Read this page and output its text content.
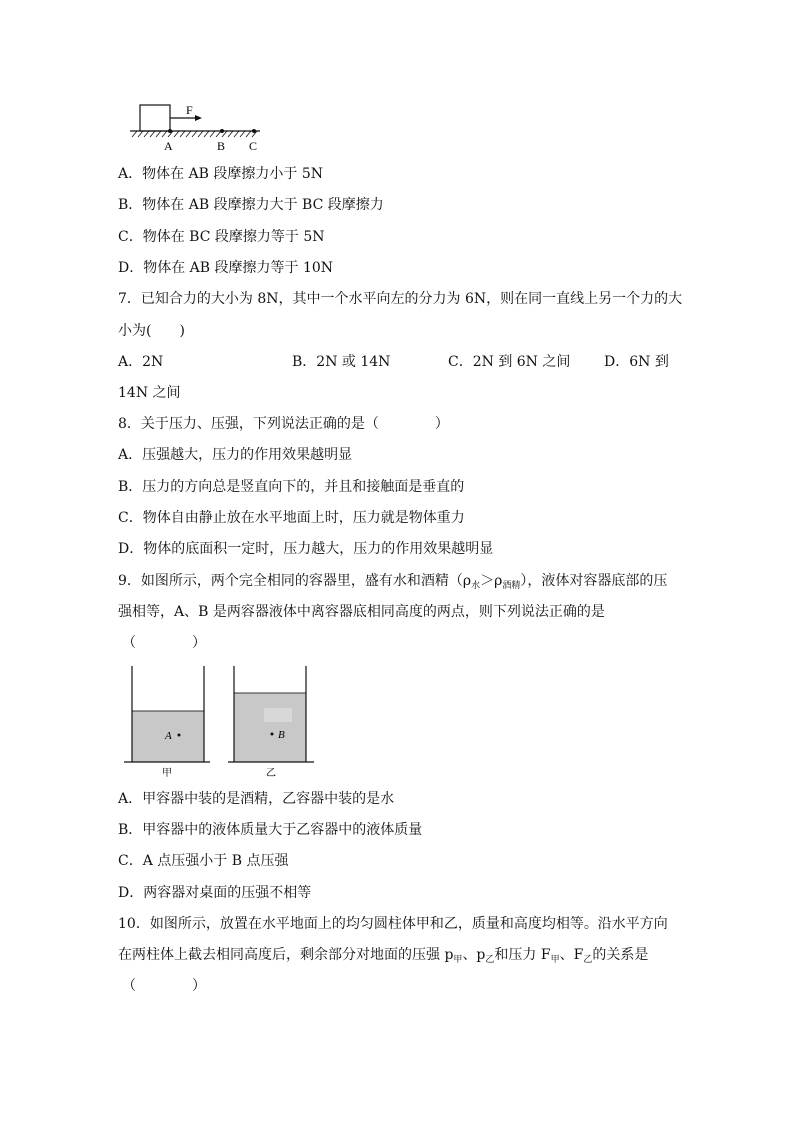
F
A	B C
A．物体在 AB 段摩擦力小于 5N
B．物体在 AB 段摩擦力大于 BC 段摩擦力
C．物体在 BC 段摩擦力等于 5N
D．物体在 AB 段摩擦力等于 10N
7．已知合力的大小为 8N，其中一个水平向左的分力为 6N，则在同一直线上另一个力的大
小为(　　)
A．2N	B．2N 或 14N	C．2N 到 6N 之间 D．6N 到
14N 之间
8．关于压力、压强，下列说法正确的是（　　　　）
A．压强越大，压力的作用效果越明显
B．压力的方向总是竖直向下的，并且和接触面是垂直的
C．物体自由静止放在水平地面上时，压力就是物体重力
D．物体的底面积一定时，压力越大，压力的作用效果越明显
9．如图所示，两个完全相同的容器里，盛有水和酒精$(\rho_水>\rho_{酒精})$，液体对容器底部的压
强相等，A、B 是两容器液体中离容器底相同高度的两点，则下列说法正确的是
（　　　　）
A
甲
B
乙
A．甲容器中装的是酒精，乙容器中装的是水
B．甲容器中的液体质量大于乙容器中的液体质量
C．A 点压强小于 B 点压强
D．两容器对桌面的压强不相等
10．如图所示，放置在水平地面上的均匀圆柱体甲和乙，质量和高度均相等。沿水平方向
在两柱体上截去相同高度后，剩余部分对地面的压强 $p_甲$、$p_乙$和压力 $F_甲$、$F_乙$的关系是
（　　　　）
